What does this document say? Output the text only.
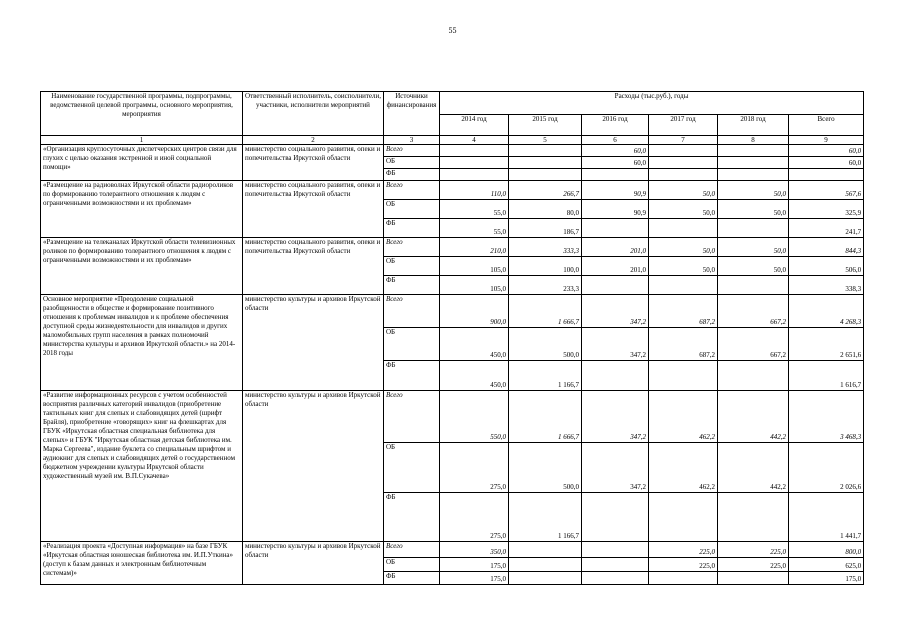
55
Наименование государственной программы, подпрограммы, ведомственной целевой программы, основного мероприятия, мероприятия	Ответственный исполнитель, соисполнители, участники, исполнители мероприятий	Источники финансирования	Расходы (тыс.руб.), годы					
			2014 год	2015 год	2016 год	2017 год	2018 год	Всего
1	2	3	4	5	6	7	8	9
«Организация круглосуточных диспетчерских центров связи для глухих с целью оказания экстренной и иной социальной помощи»	министерство социального развития, опеки и попечительства Иркутской области	Всего			60,0			60,0
		ОБ			60,0			60,0
		ФБ						
«Размещение на радиоволнах Иркутской области радиороликов по формированию толерантного отношения к людям с ограниченными возможностями и их проблемам»	министерство социального развития, опеки и попечительства Иркутской области	Всего	110,0	266,7	90,9	50,0	50,0	567,6
		ОБ	55,0	80,0	90,9	50,0	50,0	325,9
		ФБ	55,0	186,7				241,7
«Размещение на телеканалах Иркутской области телевизионных роликов по формированию толерантного отношения к людям с ограниченными возможностями и их проблемам»	министерство социального развития, опеки и попечительства Иркутской области	Всего	210,0	333,3	201,0	50,0	50,0	844,3
		ОБ	105,0	100,0	201,0	50,0	50,0	506,0
		ФБ	105,0	233,3				338,3
Основное мероприятие «Преодоление социальной разобщенности в обществе и формирование позитивного отношения к проблемам инвалидов и к проблеме обеспечения доступной среды жизнедеятельности для инвалидов и других маломобильных групп населения в рамках полномочий министерства культуры и архивов Иркутской области.» на 2014-2018 годы	министерство культуры и архивов Иркутской области	Всего	900,0	1 666,7	347,2	687,2	667,2	4 268,3
		ОБ	450,0	500,0	347,2	687,2	667,2	2 651,6
		ФБ	450,0	1 166,7				1 616,7
«Развитие информационных ресурсов с учетом особенностей восприятия различных категорий инвалидов (приобретение тактильных книг для слепых и слабовидящих детей (шрифт Брайля), приобретение «говорящих» книг на флешкартах для ГБУК «Иркутская областная специальная библиотека для слепых» и ГБУК "Иркутская областная детская библиотека им. Марка Сергеева", издание буклета со специальным шрифтом и аудиокниг для слепых и слабовидящих детей о государственном бюджетном учреждении культуры Иркутской области художественный музей им. В.П.Сукачева»	министерство культуры и архивов Иркутской области	Всего	550,0	1 666,7	347,2	462,2	442,2	3 468,3
		ОБ	275,0	500,0	347,2	462,2	442,2	2 026,6
		ФБ	275,0	1 166,7				1 441,7
«Реализация проекта «Доступная информация» на базе ГБУК «Иркутская областная юношеская библиотека им. И.П.Уткина» (доступ к базам данных и электронным библиотечным системам)»	министерство культуры и архивов Иркутской области	Всего	350,0			225,0	225,0	800,0
		ОБ	175,0			225,0	225,0	625,0
		ФБ	175,0					175,0
